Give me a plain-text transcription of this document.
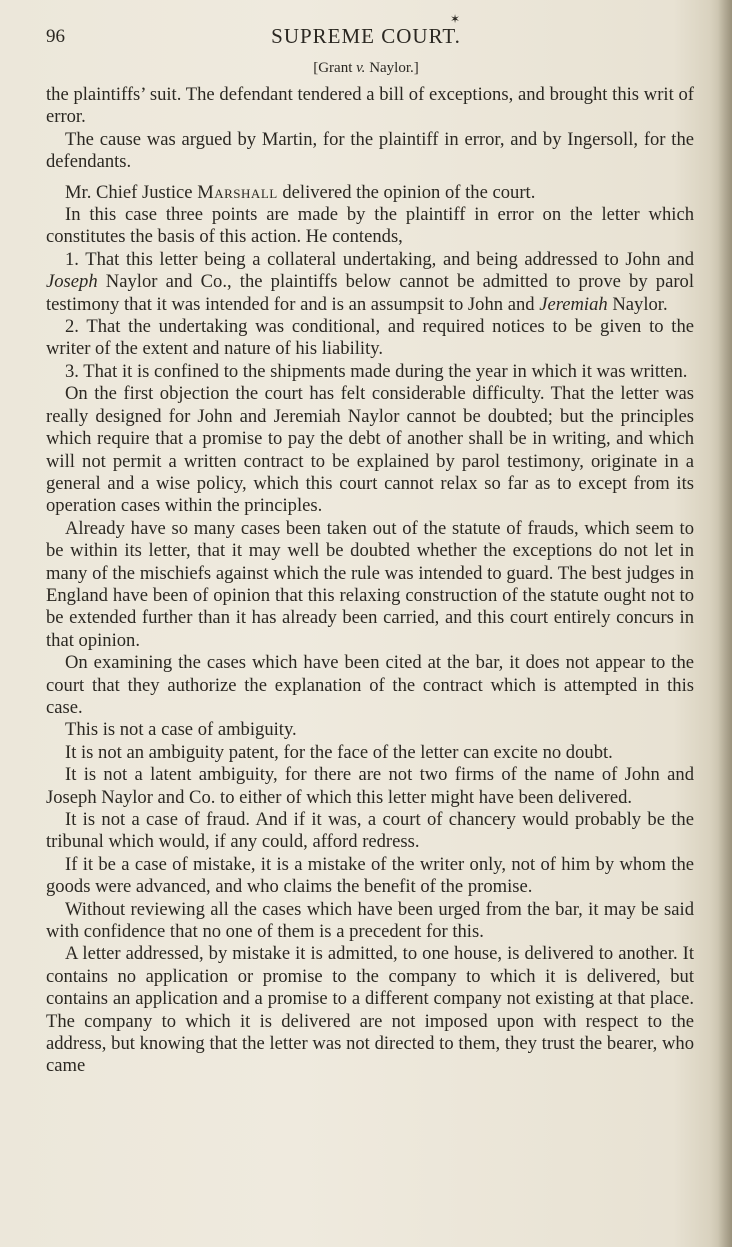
96	SUPREME COURT.
✶
[Grant v. Naylor.]

the plaintiffs’ suit. The defendant tendered a bill of exceptions, and brought this writ of error.

The cause was argued by Martin, for the plaintiff in error, and by Ingersoll, for the defendants.

Mr. Chief Justice Marshall delivered the opinion of the court.

In this case three points are made by the plaintiff in error on the letter which constitutes the basis of this action. He contends,

1. That this letter being a collateral undertaking, and being addressed to John and Joseph Naylor and Co., the plaintiffs below cannot be admitted to prove by parol testimony that it was intended for and is an assumpsit to John and Jeremiah Naylor.

2. That the undertaking was conditional, and required notices to be given to the writer of the extent and nature of his liability.

3. That it is confined to the shipments made during the year in which it was written.

On the first objection the court has felt considerable difficulty. That the letter was really designed for John and Jeremiah Naylor cannot be doubted; but the principles which require that a promise to pay the debt of another shall be in writing, and which will not permit a written contract to be explained by parol testimony, originate in a general and a wise policy, which this court cannot relax so far as to except from its operation cases within the principles.

Already have so many cases been taken out of the statute of frauds, which seem to be within its letter, that it may well be doubted whether the exceptions do not let in many of the mischiefs against which the rule was intended to guard. The best judges in England have been of opinion that this relaxing construction of the statute ought not to be extended further than it has already been carried, and this court entirely concurs in that opinion.

On examining the cases which have been cited at the bar, it does not appear to the court that they authorize the explanation of the contract which is attempted in this case.

This is not a case of ambiguity.

It is not an ambiguity patent, for the face of the letter can excite no doubt.

It is not a latent ambiguity, for there are not two firms of the name of John and Joseph Naylor and Co. to either of which this letter might have been delivered.

It is not a case of fraud. And if it was, a court of chancery would probably be the tribunal which would, if any could, afford redress.

If it be a case of mistake, it is a mistake of the writer only, not of him by whom the goods were advanced, and who claims the benefit of the promise.

Without reviewing all the cases which have been urged from the bar, it may be said with confidence that no one of them is a precedent for this.

A letter addressed, by mistake it is admitted, to one house, is delivered to another. It contains no application or promise to the company to which it is delivered, but contains an application and a promise to a different company not existing at that place. The company to which it is delivered are not imposed upon with respect to the address, but knowing that the letter was not directed to them, they trust the bearer, who came
